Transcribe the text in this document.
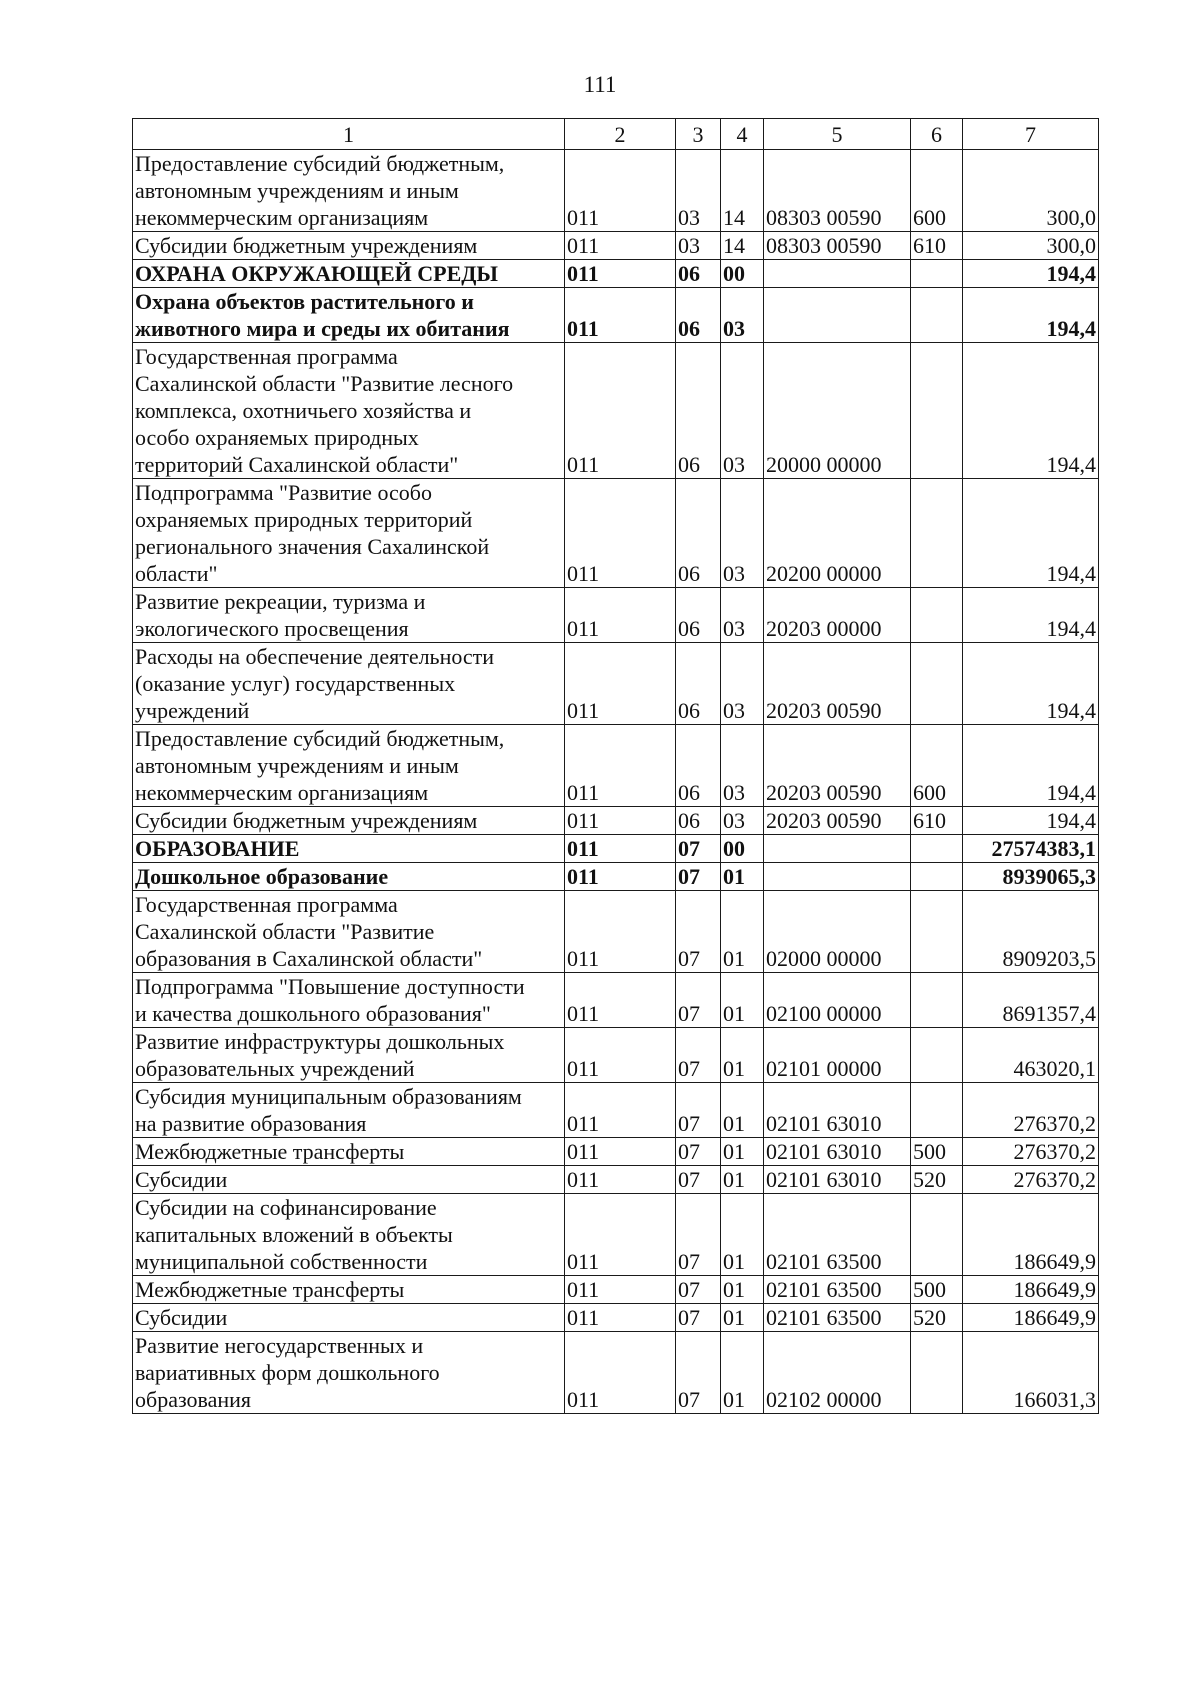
111
1	2	3	4	5	6	7
Предоставление субсидий бюджетным,
автономным учреждениям и иным
некоммерческим организациям	011	03	14	08303 00590	600	300,0
Субсидии бюджетным учреждениям	011	03	14	08303 00590	610	300,0
ОХРАНА ОКРУЖАЮЩЕЙ СРЕДЫ	011	06	00			194,4
Охрана объектов растительного и
животного мира и среды их обитания	011	06	03			194,4
Государственная программа
Сахалинской области "Развитие лесного
комплекса, охотничьего хозяйства и
особо охраняемых природных
территорий Сахалинской области"	011	06	03	20000 00000		194,4
Подпрограмма "Развитие особо
охраняемых природных территорий
регионального значения Сахалинской
области"	011	06	03	20200 00000		194,4
Развитие рекреации, туризма и
экологического просвещения	011	06	03	20203 00000		194,4
Расходы на обеспечение деятельности
(оказание услуг) государственных
учреждений	011	06	03	20203 00590		194,4
Предоставление субсидий бюджетным,
автономным учреждениям и иным
некоммерческим организациям	011	06	03	20203 00590	600	194,4
Субсидии бюджетным учреждениям	011	06	03	20203 00590	610	194,4
ОБРАЗОВАНИЕ	011	07	00			27574383,1
Дошкольное образование	011	07	01			8939065,3
Государственная программа
Сахалинской области "Развитие
образования в Сахалинской области"	011	07	01	02000 00000		8909203,5
Подпрограмма "Повышение доступности
и качества дошкольного образования"	011	07	01	02100 00000		8691357,4
Развитие инфраструктуры дошкольных
образовательных учреждений	011	07	01	02101 00000		463020,1
Субсидия муниципальным образованиям
на развитие образования	011	07	01	02101 63010		276370,2
Межбюджетные трансферты	011	07	01	02101 63010	500	276370,2
Субсидии	011	07	01	02101 63010	520	276370,2
Субсидии на софинансирование
капитальных вложений в объекты
муниципальной собственности	011	07	01	02101 63500		186649,9
Межбюджетные трансферты	011	07	01	02101 63500	500	186649,9
Субсидии	011	07	01	02101 63500	520	186649,9
Развитие негосударственных и
вариативных форм дошкольного
образования	011	07	01	02102 00000		166031,3
